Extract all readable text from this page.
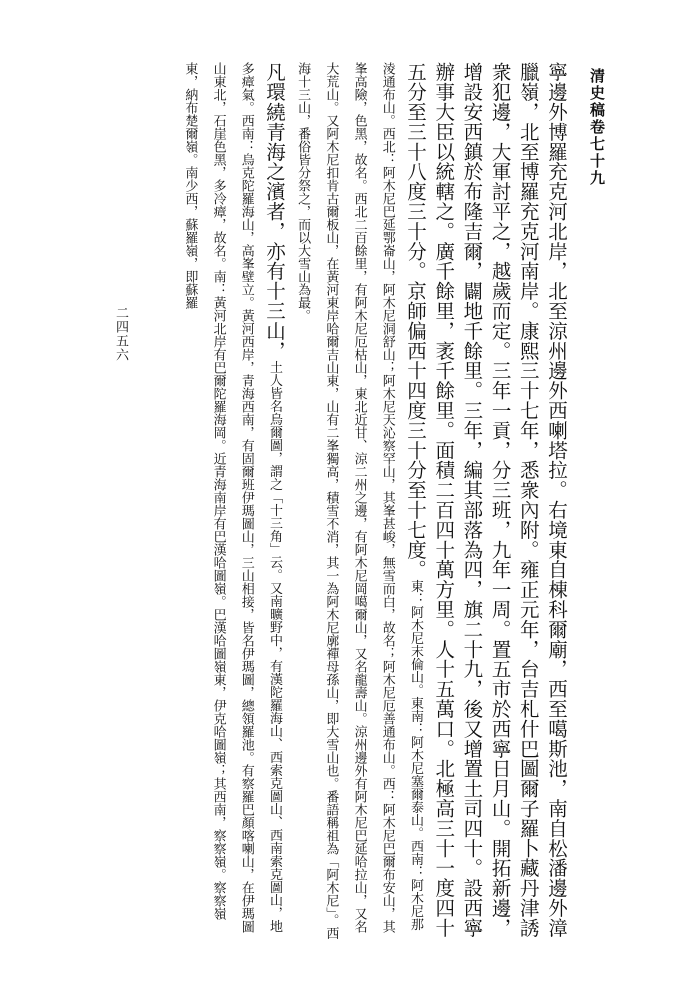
清史稿卷七十九
二四五六	寧邊外博羅充克河北岸，北至涼州邊外西喇塔拉。右境東自棟科爾廟，西至噶斯池，南自松潘邊外漳臘嶺，北至博羅充克河南岸。康熙三十七年，悉衆內附。雍正元年，台吉札什巴圖爾子羅卜藏丹津誘衆犯邊，大軍討平之，越歲而定。三年一貢，分三班，九年一周。置五市於西寧日月山。開拓新邊，增設安西鎮於布隆吉爾，闢地千餘里。三年，編其部落為四，旗二十九，後又增置土司四十。設西寧辦事大臣以統轄之。廣千餘里，袤千餘里。面積二百四十萬方里。人十五萬口。北極高三十一度四十五分至三十八度三十分。京師偏西十四度三十分至十七度。東：阿木尼末倫山。東南：阿木尼塞爾泰山。西南：阿木尼那淩通布山。西北：阿木尼巴延鄂崙山，阿木尼洞舒山；阿木尼天沁察罕山，其峯甚峻，無雪而白，故名；阿木尼厄善通布山。西：阿木尼巴爾布安山，其峯高險，色黑，故名。西北二百餘里，有阿木尼厄枯山，東北近甘、涼二州之邊，有阿木尼岡噶爾山，又名龍壽山。涼州邊外有阿木尼巴延哈拉山，又名大荒山。又阿木尼扣肯古爾板山，在黃河東岸哈爾吉山東，山有二峯獨高，積雪不消，其一為阿木尼廓禪母孫山，即大雪山也。番語稱祖為「阿木尼」。西海十三山，番俗皆分祭之，而以大雪山為最。

凡環繞青海之濱者，亦有十三山，土人皆名烏爾圖，謂之「十三角」云。又南曠野中，有漢陀羅海山、西索克圖山、西南索克圖山，地多瘴氣。西南：烏克陀羅海山，高峯壁立。黃河西岸，青海西南，有固爾班伊瑪圖山，三山相接，皆名伊瑪圖，總領羅池。有察羅巴顏喀喇山，在伊瑪圖山東北，石崖色黑，多冷瘴，故名。南：黃河北岸有巴爾陀羅海岡。近青海南岸有巴漢哈圖嶺。巴漢哈圖嶺東，伊克哈圖嶺；其西南，察察嶺。察察嶺東，納布楚爾嶺。南少西，蘇羅嶺，即蘇羅
